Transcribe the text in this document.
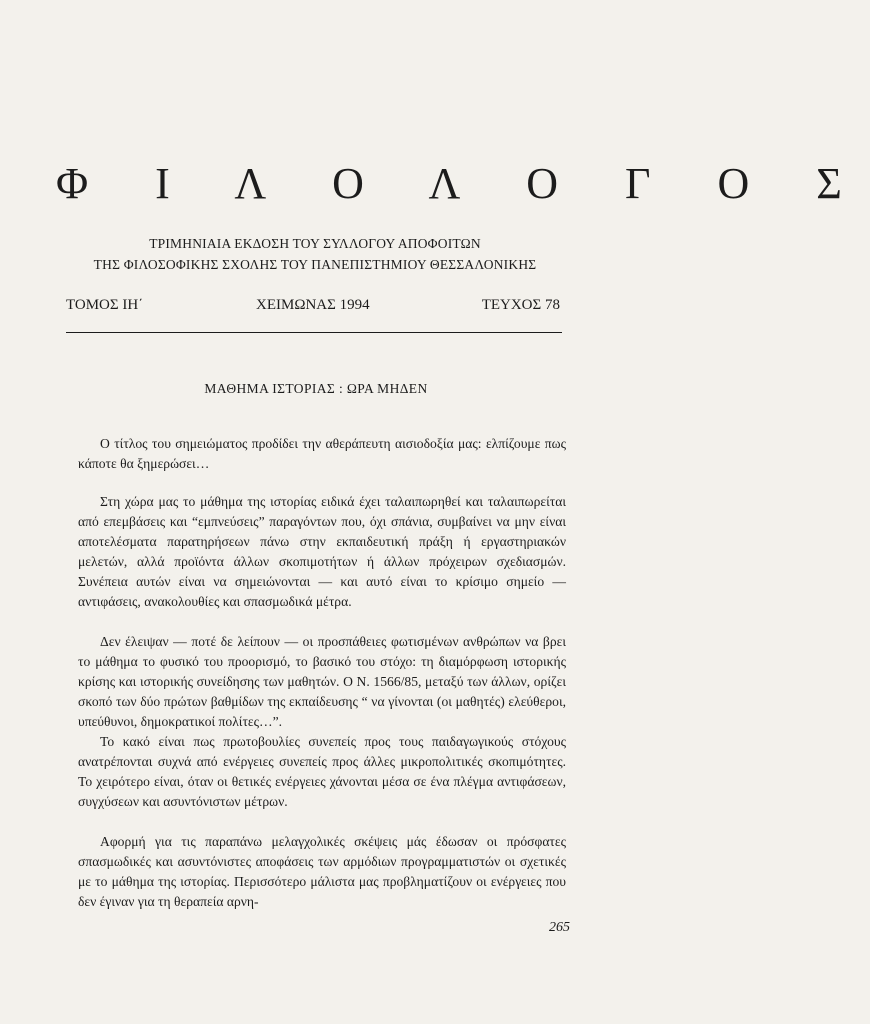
Φ Ι Λ Ο Λ Ο Γ Ο Σ
ΤΡΙΜΗΝΙΑΙΑ ΕΚΔΟΣΗ ΤΟΥ ΣΥΛΛΟΓΟΥ ΑΠΟΦΟΙΤΩΝ
ΤΗΣ ΦΙΛΟΣΟΦΙΚΗΣ ΣΧΟΛΗΣ ΤΟΥ ΠΑΝΕΠΙΣΤΗΜΙΟΥ ΘΕΣΣΑΛΟΝΙΚΗΣ
ΤΟΜΟΣ ΙΗ΄	ΧΕΙΜΩΝΑΣ 1994	ΤΕΥΧΟΣ 78
ΜΑΘΗΜΑ ΙΣΤΟΡΙΑΣ : ΩΡΑ ΜΗΔΕΝ

Ο τίτλος του σημειώματος προδίδει την αθεράπευτη αισιοδοξία μας: ελπίζουμε πως κάποτε θα ξημερώσει…

Στη χώρα μας το μάθημα της ιστορίας ειδικά έχει ταλαιπωρηθεί και ταλαιπωρείται από επεμβάσεις και “εμπνεύσεις” παραγόντων που, όχι σπάνια, συμβαίνει να μην είναι αποτελέσματα παρατηρήσεων πάνω στην εκπαιδευτική πράξη ή εργαστηριακών μελετών, αλλά προϊόντα άλλων σκοπιμοτήτων ή άλλων πρόχειρων σχεδιασμών. Συνέπεια αυτών είναι να σημειώνονται — και αυτό είναι το κρίσιμο σημείο — αντιφάσεις, ανακολουθίες και σπασμωδικά μέτρα.

Δεν έλειψαν — ποτέ δε λείπουν — οι προσπάθειες φωτισμένων ανθρώπων να βρει το μάθημα το φυσικό του προορισμό, το βασικό του στόχο: τη διαμόρφωση ιστορικής κρίσης και ιστορικής συνείδησης των μαθητών. Ο Ν. 1566/85, μεταξύ των άλλων, ορίζει σκοπό των δύο πρώτων βαθμίδων της εκπαίδευσης “ να γίνονται (οι μαθητές) ελεύθεροι, υπεύθυνοι, δημοκρατικοί πολίτες…”.

Το κακό είναι πως πρωτοβουλίες συνεπείς προς τους παιδαγωγικούς στόχους ανατρέπονται συχνά από ενέργειες συνεπείς προς άλλες μικροπολιτικές σκοπιμότητες. Το χειρότερο είναι, όταν οι θετικές ενέργειες χάνονται μέσα σε ένα πλέγμα αντιφάσεων, συγχύσεων και ασυντόνιστων μέτρων.

Αφορμή για τις παραπάνω μελαγχολικές σκέψεις μάς έδωσαν οι πρόσφατες σπασμωδικές και ασυντόνιστες αποφάσεις των αρμόδιων προγραμματιστών οι σχετικές με το μάθημα της ιστορίας. Περισσότερο μάλιστα μας προβληματίζουν οι ενέργειες που δεν έγιναν για τη θεραπεία αρνη-

265
